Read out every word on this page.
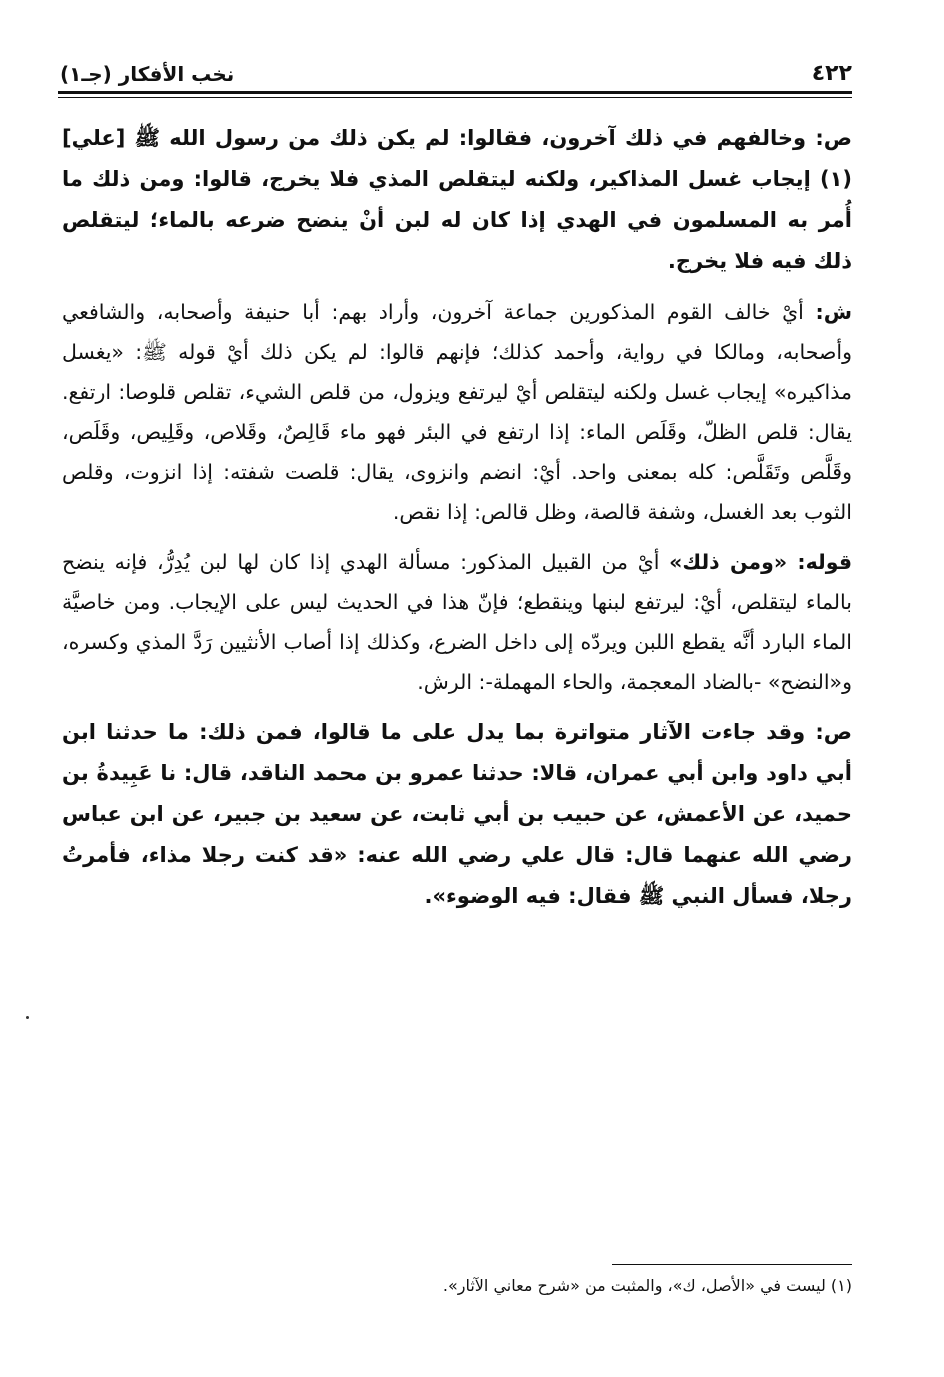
٤٢٢
نخب الأفكار (جـ١)

ص: وخالفهم في ذلك آخرون، فقالوا: لم يكن ذلك من رسول الله ﷺ [علي](١) إيجاب غسل المذاكير، ولكنه ليتقلص المذي فلا يخرج، قالوا: ومن ذلك ما أُمر به المسلمون في الهدي إذا كان له لبن أنْ ينضح ضرعه بالماء؛ ليتقلص ذلك فيه فلا يخرج.

ش: أيْ خالف القوم المذكورين جماعة آخرون، وأراد بهم: أبا حنيفة وأصحابه، والشافعي وأصحابه، ومالكا في رواية، وأحمد كذلك؛ فإنهم قالوا: لم يكن ذلك أيْ قوله ﷺ: «يغسل مذاكيره» إيجاب غسل ولكنه ليتقلص أيْ ليرتفع ويزول، من قلص الشيء، تقلص قلوصا: ارتفع. يقال: قلص الظلّ، وقَلَص الماء: إذا ارتفع في البئر فهو ماء قَالِصٌ، وقَلاص، وقَلِيص، وقَلَص، وقَلَّص وتَقَلَّص: كله بمعنى واحد. أيْ: انضم وانزوى، يقال: قلصت شفته: إذا انزوت، وقلص الثوب بعد الغسل، وشفة قالصة، وظل قالص: إذا نقص.

قوله: «ومن ذلك» أيْ من القبيل المذكور: مسألة الهدي إذا كان لها لبن يُدِرُّ، فإنه ينضح بالماء ليتقلص، أيْ: ليرتفع لبنها وينقطع؛ فإنّ هذا في الحديث ليس على الإيجاب. ومن خاصيَّة الماء البارد أنَّه يقطع اللبن ويردّه إلى داخل الضرع، وكذلك إذا أصاب الأنثيين رَدَّ المذي وكسره، و«النضح» -بالضاد المعجمة، والحاء المهملة-: الرش.

ص: وقد جاءت الآثار متواترة بما يدل على ما قالوا، فمن ذلك: ما حدثنا ابن أبي داود وابن أبي عمران، قالا: حدثنا عمرو بن محمد الناقد، قال: نا عَبِيدةُ بن حميد، عن الأعمش، عن حبيب بن أبي ثابت، عن سعيد بن جبير، عن ابن عباس رضي الله عنهما قال: قال علي رضي الله عنه: «قد كنت رجلا مذاء، فأمرتُ رجلا، فسأل النبي ﷺ فقال: فيه الوضوء».

(١) ليست في «الأصل، ك»، والمثبت من «شرح معاني الآثار».
